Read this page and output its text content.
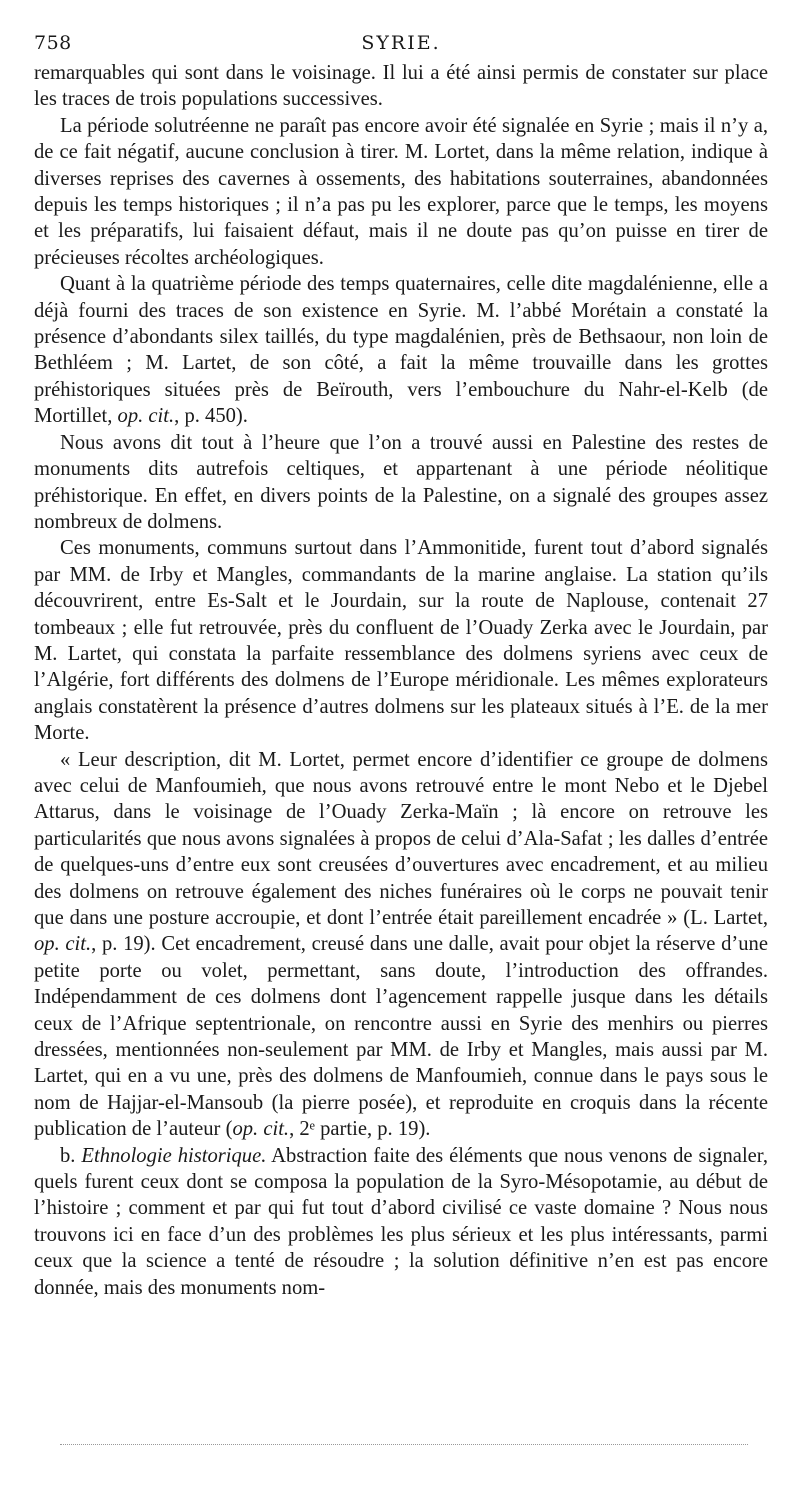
758	SYRIE.

remarquables qui sont dans le voisinage. Il lui a été ainsi permis de constater sur place les traces de trois populations successives.

La période solutréenne ne paraît pas encore avoir été signalée en Syrie ; mais il n’y a, de ce fait négatif, aucune conclusion à tirer. M. Lortet, dans la même relation, indique à diverses reprises des cavernes à ossements, des habitations souterraines, abandonnées depuis les temps historiques ; il n’a pas pu les explorer, parce que le temps, les moyens et les préparatifs, lui faisaient défaut, mais il ne doute pas qu’on puisse en tirer de précieuses récoltes archéologiques.

Quant à la quatrième période des temps quaternaires, celle dite magdalénienne, elle a déjà fourni des traces de son existence en Syrie. M. l’abbé Morétain a constaté la présence d’abondants silex taillés, du type magdalénien, près de Bethsaour, non loin de Bethléem ; M. Lartet, de son côté, a fait la même trouvaille dans les grottes préhistoriques situées près de Beïrouth, vers l’embouchure du Nahr-el-Kelb (de Mortillet, op. cit., p. 450).

Nous avons dit tout à l’heure que l’on a trouvé aussi en Palestine des restes de monuments dits autrefois celtiques, et appartenant à une période néolitique préhistorique. En effet, en divers points de la Palestine, on a signalé des groupes assez nombreux de dolmens.

Ces monuments, communs surtout dans l’Ammonitide, furent tout d’abord signalés par MM. de Irby et Mangles, commandants de la marine anglaise. La station qu’ils découvrirent, entre Es-Salt et le Jourdain, sur la route de Naplouse, contenait 27 tombeaux ; elle fut retrouvée, près du confluent de l’Ouady Zerka avec le Jourdain, par M. Lartet, qui constata la parfaite ressemblance des dolmens syriens avec ceux de l’Algérie, fort différents des dolmens de l’Europe méridionale. Les mêmes explorateurs anglais constatèrent la présence d’autres dolmens sur les plateaux situés à l’E. de la mer Morte.

« Leur description, dit M. Lortet, permet encore d’identifier ce groupe de dolmens avec celui de Manfoumieh, que nous avons retrouvé entre le mont Nebo et le Djebel Attarus, dans le voisinage de l’Ouady Zerka-Maïn ; là encore on retrouve les particularités que nous avons signalées à propos de celui d’Ala-Safat ; les dalles d’entrée de quelques-uns d’entre eux sont creusées d’ouvertures avec encadrement, et au milieu des dolmens on retrouve également des niches funéraires où le corps ne pouvait tenir que dans une posture accroupie, et dont l’entrée était pareillement encadrée » (L. Lartet, op. cit., p. 19). Cet encadrement, creusé dans une dalle, avait pour objet la réserve d’une petite porte ou volet, permettant, sans doute, l’introduction des offrandes. Indépendamment de ces dolmens dont l’agencement rappelle jusque dans les détails ceux de l’Afrique septentrionale, on rencontre aussi en Syrie des menhirs ou pierres dressées, mentionnées non-seulement par MM. de Irby et Mangles, mais aussi par M. Lartet, qui en a vu une, près des dolmens de Manfoumieh, connue dans le pays sous le nom de Hajjar-el-Mansoub (la pierre posée), et reproduite en croquis dans la récente publication de l’auteur (op. cit., 2ᵉ partie, p. 19).

b. Ethnologie historique. Abstraction faite des éléments que nous venons de signaler, quels furent ceux dont se composa la population de la Syro-Mésopotamie, au début de l’histoire ; comment et par qui fut tout d’abord civilisé ce vaste domaine ? Nous nous trouvons ici en face d’un des problèmes les plus sérieux et les plus intéressants, parmi ceux que la science a tenté de résoudre ; la solution définitive n’en est pas encore donnée, mais des monuments nom-
